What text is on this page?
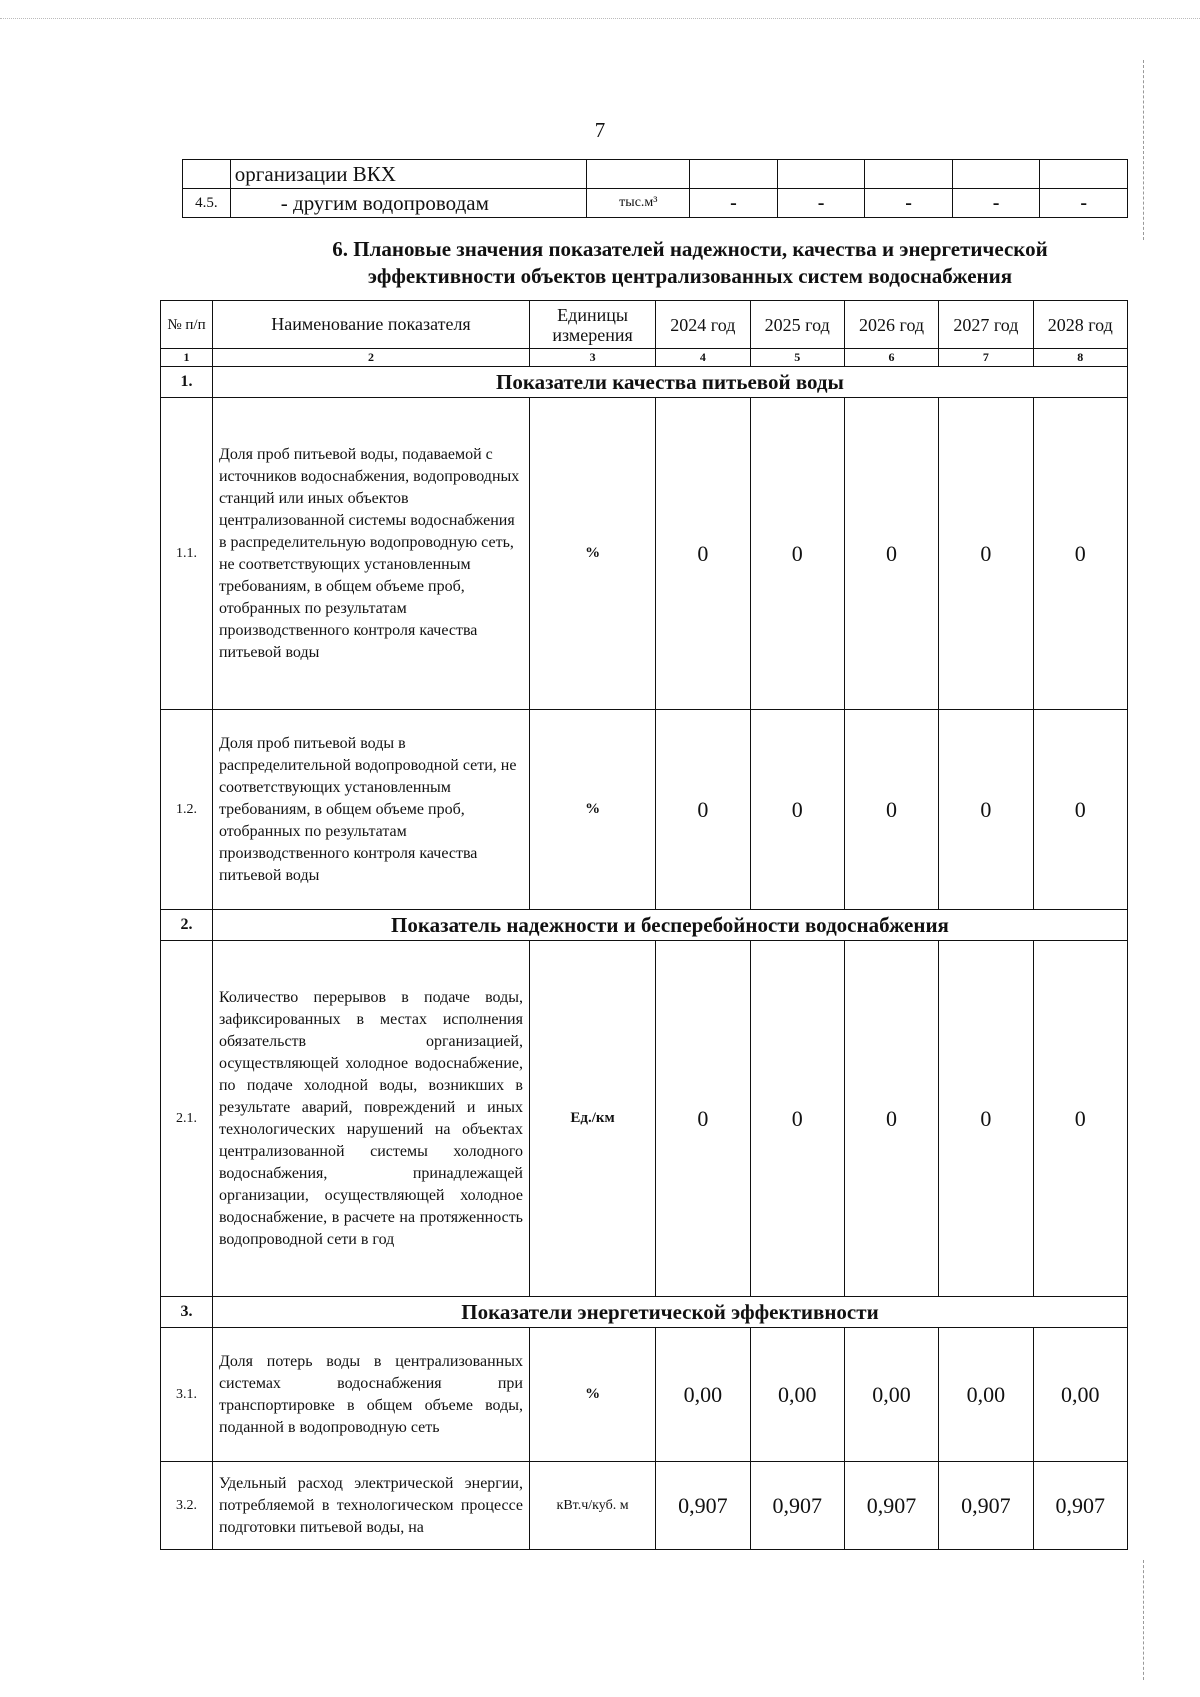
7
	организации ВКХ						
4.5.	- другим водопроводам	тыс.м³	-	-	-	-	-
6. Плановые значения показателей надежности, качества и энергетической
эффективности объектов централизованных систем водоснабжения
№ п/п	Наименование показателя	Единицы измерения	2024 год	2025 год	2026 год	2027 год	2028 год
1	2	3	4	5	6	7	8
1.	Показатели качества питьевой воды						
1.1.	Доля проб питьевой воды, подаваемой с источников водоснабжения, водопроводных станций или иных объектов централизованной системы водоснабжения в распределительную водопроводную сеть, не соответствующих установленным требованиям, в общем объеме проб, отобранных по результатам производственного контроля качества питьевой воды	%	0	0	0	0	0
1.2.	Доля проб питьевой воды в распределительной водопроводной сети, не соответствующих установленным требованиям, в общем объеме проб, отобранных по результатам производственного контроля качества питьевой воды	%	0	0	0	0	0
2.	Показатель надежности и бесперебойности водоснабжения						
2.1.	Количество перерывов в подаче воды, зафиксированных в местах исполнения обязательств организацией, осуществляющей холодное водоснабжение, по подаче холодной воды, возникших в результате аварий, повреждений и иных технологических нарушений на объектах централизованной системы холодного водоснабжения, принадлежащей организации, осуществляющей холодное водоснабжение, в расчете на протяженность водопроводной сети в год	Ед./км	0	0	0	0	0
3.	Показатели энергетической эффективности						
3.1.	Доля потерь воды в централизованных системах водоснабжения при транспортировке в общем объеме воды, поданной в водопроводную сеть	%	0,00	0,00	0,00	0,00	0,00
3.2.	Удельный расход электрической энергии, потребляемой в технологическом процессе подготовки питьевой воды, на	кВт.ч/куб. м	0,907	0,907	0,907	0,907	0,907
